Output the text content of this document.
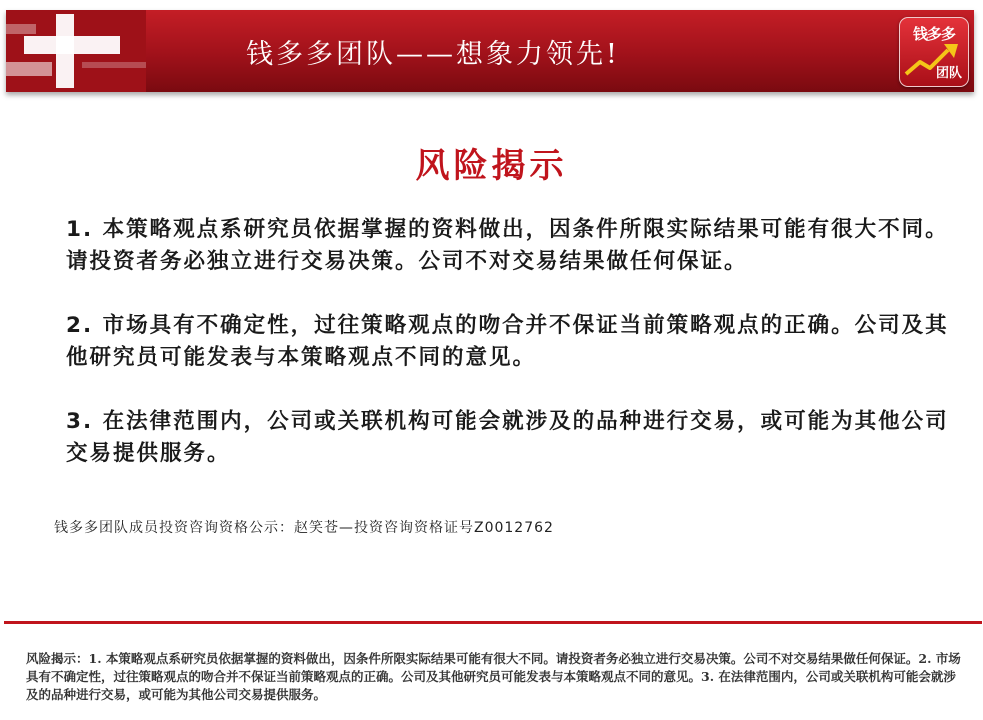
钱多多团队——想象力领先!
钱多多
团队
风险揭示
1. 本策略观点系研究员依据掌握的资料做出，因条件所限实际结果可能有很大不同。请投资者务必独立进行交易决策。公司不对交易结果做任何保证。
2. 市场具有不确定性，过往策略观点的吻合并不保证当前策略观点的正确。公司及其他研究员可能发表与本策略观点不同的意见。
3. 在法律范围内，公司或关联机构可能会就涉及的品种进行交易，或可能为其他公司交易提供服务。
钱多多团队成员投资咨询资格公示：赵笑苍—投资咨询资格证号Z0012762
风险揭示：1. 本策略观点系研究员依据掌握的资料做出，因条件所限实际结果可能有很大不同。请投资者务必独立进行交易决策。公司不对交易结果做任何保证。2. 市场具有不确定性，过往策略观点的吻合并不保证当前策略观点的正确。公司及其他研究员可能发表与本策略观点不同的意见。3. 在法律范围内，公司或关联机构可能会就涉及的品种进行交易，或可能为其他公司交易提供服务。
